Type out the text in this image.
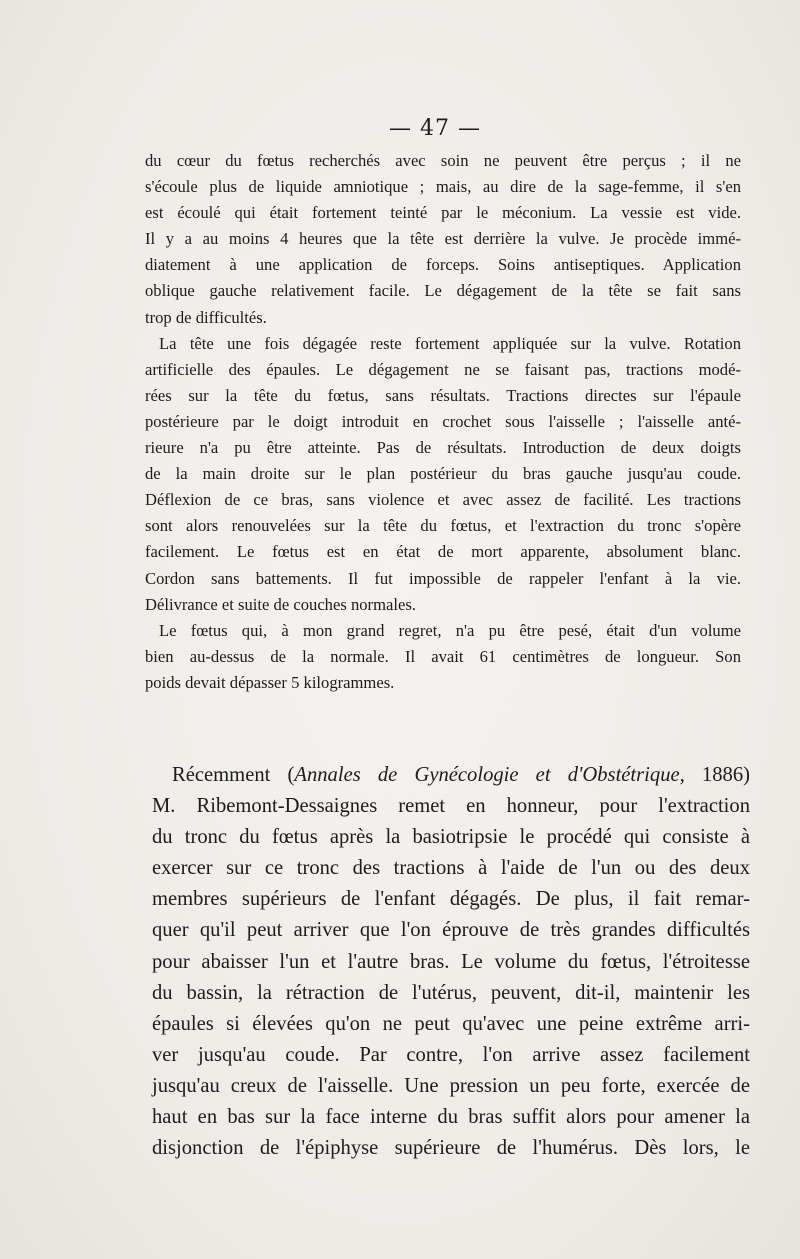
— 47 —
du cœur du fœtus recherchés avec soin ne peuvent être perçus ; il ne
s'écoule plus de liquide amniotique ; mais, au dire de la sage-femme, il s'en
est écoulé qui était fortement teinté par le méconium. La vessie est vide.
Il y a au moins 4 heures que la tête est derrière la vulve. Je procède immé-
diatement à une application de forceps. Soins antiseptiques. Application
oblique gauche relativement facile. Le dégagement de la tête se fait sans
trop de difficultés.
La tête une fois dégagée reste fortement appliquée sur la vulve. Rotation
artificielle des épaules. Le dégagement ne se faisant pas, tractions modé-
rées sur la tête du fœtus, sans résultats. Tractions directes sur l'épaule
postérieure par le doigt introduit en crochet sous l'aisselle ; l'aisselle anté-
rieure n'a pu être atteinte. Pas de résultats. Introduction de deux doigts
de la main droite sur le plan postérieur du bras gauche jusqu'au coude.
Déflexion de ce bras, sans violence et avec assez de facilité. Les tractions
sont alors renouvelées sur la tête du fœtus, et l'extraction du tronc s'opère
facilement. Le fœtus est en état de mort apparente, absolument blanc.
Cordon sans battements. Il fut impossible de rappeler l'enfant à la vie.
Délivrance et suite de couches normales.
Le fœtus qui, à mon grand regret, n'a pu être pesé, était d'un volume
bien au-dessus de la normale. Il avait 61 centimètres de longueur. Son
poids devait dépasser 5 kilogrammes.
Récemment (Annales de Gynécologie et d'Obstétrique, 1886)
M. Ribemont-Dessaignes remet en honneur, pour l'extraction
du tronc du fœtus après la basiotripsie le procédé qui consiste à
exercer sur ce tronc des tractions à l'aide de l'un ou des deux
membres supérieurs de l'enfant dégagés. De plus, il fait remar-
quer qu'il peut arriver que l'on éprouve de très grandes difficultés
pour abaisser l'un et l'autre bras. Le volume du fœtus, l'étroitesse
du bassin, la rétraction de l'utérus, peuvent, dit-il, maintenir les
épaules si élevées qu'on ne peut qu'avec une peine extrême arri-
ver jusqu'au coude. Par contre, l'on arrive assez facilement
jusqu'au creux de l'aisselle. Une pression un peu forte, exercée de
haut en bas sur la face interne du bras suffit alors pour amener la
disjonction de l'épiphyse supérieure de l'humérus. Dès lors, le
